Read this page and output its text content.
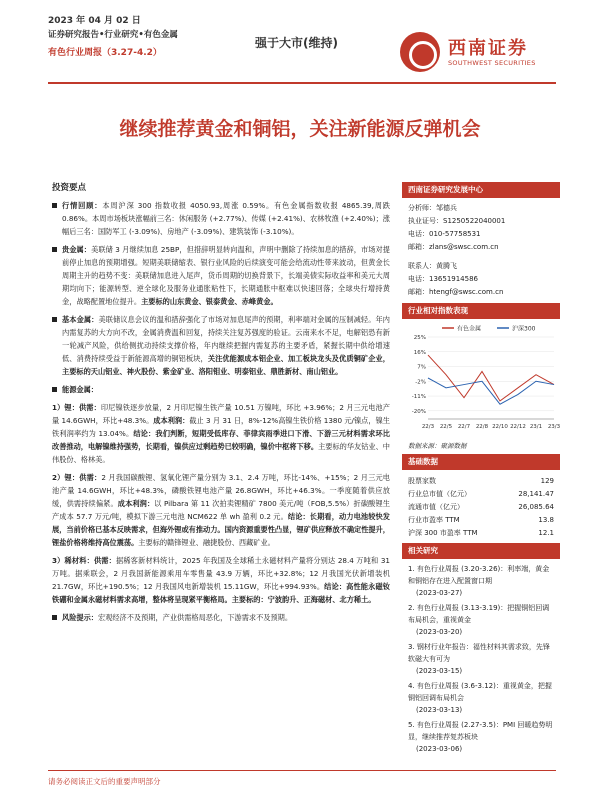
2023 年 04 月 02 日
证券研究报告•行业研究•有色金属
有色行业周报（3.27-4.2）
强于大市(维持)	西南证券
SOUTHWEST SECURITIES
继续推荐黄金和铜铝，关注新能源反弹机会
投资要点
行情回顾：本周沪深 300 指数收报 4050.93,周涨 0.59%。有色金属指数收报 4865.39,周跌 0.86%。本周市场板块涨幅前三名：休闲服务 (+2.77%)、传媒 (+2.41%)、农林牧渔 (+2.40%)；涨幅后三名：国防军工 (-3.09%)、房地产 (-3.09%)、建筑装饰 (-3.10%)。
贵金属：美联储 3 月继续加息 25BP，但措辞明显转向温和，声明中删除了持续加息的措辞，市场对提前停止加息的预期增强。短期美联储缩表、银行业风险的后续演变可能会给流动性带来波动，但黄金长周期主升的趋势不变：美联储加息进入尾声，货币周期的切换背景下，长端美债实际收益率和美元大周期均向下；能源转型、逆全球化及服务业通胀粘性下，长期通胀中枢难以快速回落；全球央行增持黄金，战略配置地位提升。主要标的山东黄金、银泰黄金、赤峰黄金。
基本金属：美联储议息会议的温和措辞强化了市场对加息尾声的预期，利率端对金属的压制减轻。年内内需复苏的大方向不改，金属消费温和回复，持续关注复苏强度的验证。云南来水不足，电解铝恐有新一轮减产风险，供给侧扰动持续支撑价格，年内继续把握内需复苏的主要矛盾，紧握长期中供给增速低、消费持续受益于新能源高增的铜铝板块，关注优能源成本铝企业、加工板块龙头及优质铜矿企业，主要标的天山铝业、神火股份、紫金矿业、洛阳钼业、明泰铝业、鼎胜新材、南山铝业。
能源金属：
1）锂：供需：印尼镍铁逐步放量，2 月印尼镍生铁产量 10.51 万镍吨，环比 +3.96%；2 月三元电池产量 14.6GWH，环比+48.3%。成本利润：截止 3 月 31 日，8%-12%高镍生铁价格 1380 元/镍点，镍生铁利润率约为 13.04%。结论：我们判断，短期受低库存、菲律宾雨季进口下滑、下游三元材料需求环比改善推动，电解镍维持强势，长期看，镍供应过剩趋势已较明确，镍价中枢将下移。主要标的华友钴业、中伟股份、格林美。
2）锂：供需：2 月我国碳酸锂、氢氧化锂产量分别为 3.1、2.4 万吨，环比-14%、+15%；2 月三元电池产量 14.6GWH，环比+48.3%，磷酸铁锂电池产量 26.8GWH，环比+46.3%。一季度随着供应放缓，供需持续偏紧。成本利润：以 Pilbara 第 11 次拍卖锂精矿 7800 美元/吨（FOB,5.5%）折碳酸锂生产成本 57.7 万元/吨，模拟下游三元电池 NCM622 单 wh 盈利 0.2 元。结论：长期看，动力电池较快发展，当前价格已基本反映需求，但海外锂或有推动力。国内资源重要性凸显，锂矿供应释放不确定性提升，锂盐价格将维持高位震荡。主要标的赣锋锂业、融捷股份、西藏矿业。
3）稀材料：供需：据稀客新材料统计，2025 年我国及全球稀土永磁材料产量将分别达 28.4 万吨和 31 万吨。据乘联会，2 月我国新能源乘用车零售量 43.9 万辆，环比+32.8%；12 月我国光伏新增装机 21.7GW，环比+190.5%；12 月我国风电新增装机 15.11GW，环比+994.93%。结论：高性能永磁钕铁硼和金属永磁材料需求高增，整体将呈现紧平衡格局。主要标的：宁波韵升、正海磁材、北方稀土。
风险提示：宏观经济不及预期，产业供需格局恶化，下游需求不及预期。
西南证券研究发展中心
分析师：邹德兵
执业证号：S1250522040001
电话：010-57758531
邮箱：zlans@swsc.com.cn
联系人：黄腾飞
电话：13651914586
邮箱：htengf@swsc.com.cn
行业相对指数表现
有色金属	沪深300
25%
16%
7%
-2%
-11%
-20%
22/3 22/5 22/7 22/8 22/10 22/12 23/1 23/3
数据来源：聚源数据
基础数据
股票家数	129
行业总市值（亿元）	28,141.47
流通市值（亿元）	26,085.64
行业市盈率 TTM	13.8
沪深 300 市盈率 TTM	12.1
相关研究
1. 有色行业周报 (3.20-3.26)：利率端，黄金和铜铝存在进入配置窗口期
(2023-03-27)
2. 有色行业周报 (3.13-3.19)：把握铜铝回调布局机会，重视黄金
(2023-03-20)
3. 钢材行业年报告：福性材料其需求致，先锋软磁大有可为
(2023-03-15)
4. 有色行业周报 (3.6-3.12)：重视黄金，把握铜铝回调布局机会
(2023-03-13)
5. 有色行业周报 (2.27-3.5)：PMI 回暖趋势明显，继续推荐复苏板块
(2023-03-06)
请务必阅读正文后的重要声明部分
